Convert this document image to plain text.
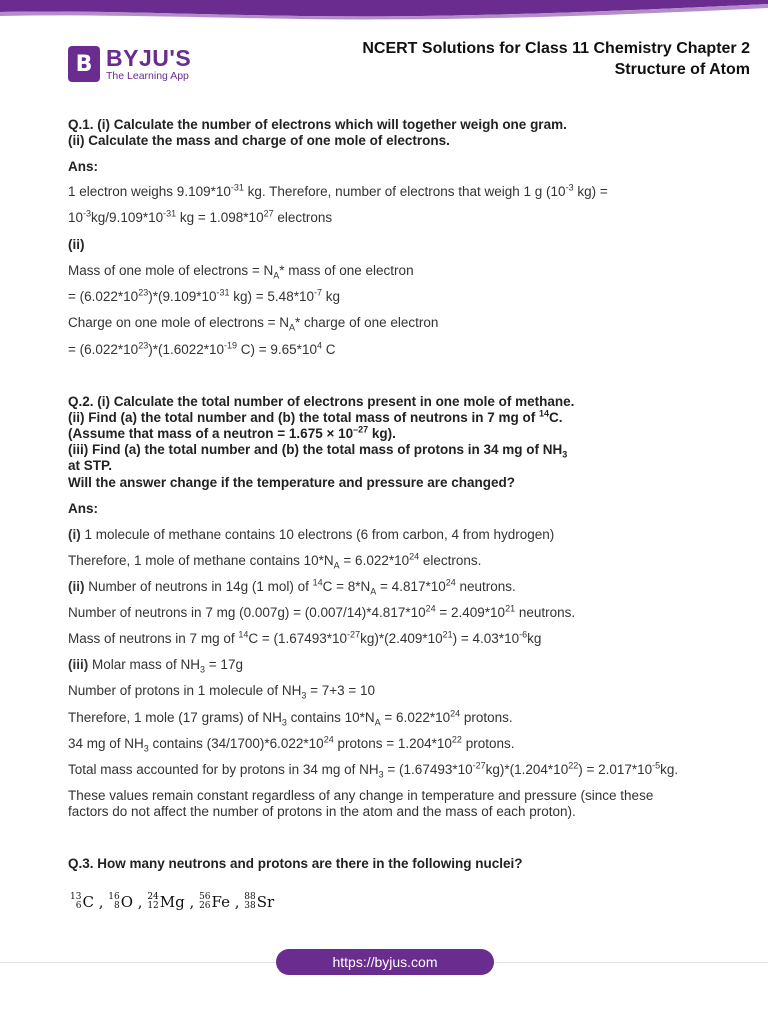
B BYJU'S
The Learning App
NCERT Solutions for Class 11 Chemistry Chapter 2
Structure of Atom
Q.1. (i) Calculate the number of electrons which will together weigh one gram.
(ii) Calculate the mass and charge of one mole of electrons.
Ans:
1 electron weighs $9.109*10^{-31}$ kg. Therefore, number of electrons that weigh 1 g ($10^{-3}$ kg) =
$10^{-3}kg/9.109*10^{-31}$ kg = $1.098*10^{27}$ electrons
(ii)
Mass of one mole of electrons = $N_A*$ mass of one electron
= $(6.022*10^{23})*(9.109*10^{-31}$ $kg) = 5.48*10^{-7}$ kg
Charge on one mole of electrons = $N_A*$ charge of one electron
= $(6.022*10^{23})*(1.6022*10^{-19}$ $C) = 9.65*10^4$ C
Q.2. (i) Calculate the total number of electrons present in one mole of methane.
(ii) Find (a) the total number and (b) the total mass of neutrons in 7 mg of $^{14}$C.
(Assume that mass of a neutron = $1.675 \times 10^{-27}$ kg).
(iii) Find (a) the total number and (b) the total mass of protons in 34 mg of $NH_3$
at STP.
Will the answer change if the temperature and pressure are changed?
Ans:
(i) 1 molecule of methane contains 10 electrons (6 from carbon, 4 from hydrogen)
Therefore, 1 mole of methane contains $10*N_A = 6.022*10^{24}$ electrons.
(ii) Number of neutrons in 14g (1 mol) of $^{14}C = 8*N_A = 4.817*10^{24}$ neutrons.
Number of neutrons in 7 mg $(0.007g) = (0.007/14)*4.817*10^{24} = 2.409*10^{21}$ neutrons.
Mass of neutrons in 7 mg of $^{14}C = (1.67493*10^{-27}kg)*(2.409*10^{21}) = 4.03*10^{-6}kg$
(iii) Molar mass of $NH_3 = 17g$
Number of protons in 1 molecule of $NH_3 = 7+3 = 10$
Therefore, 1 mole (17 grams) of $NH_3$ contains $10*N_A = 6.022*10^{24}$ protons.
34 mg of $NH_3$ contains $(34/1700)*6.022*10^{24}$ protons = $1.204*10^{22}$ protons.
Total mass accounted for by protons in 34 mg of $NH_3 = (1.67493*10^{-27}kg)*(1.204*10^{22}) = 2.017*10^{-5}kg$.
These values remain constant regardless of any change in temperature and pressure (since these
factors do not affect the number of protons in the atom and the mass of each proton).
Q.3. How many neutrons and protons are there in the following nuclei?
13
6 C , 16
8 O , 24
12 Mg , 56
26 Fe , 88
38 Sr
https://byjus.com
